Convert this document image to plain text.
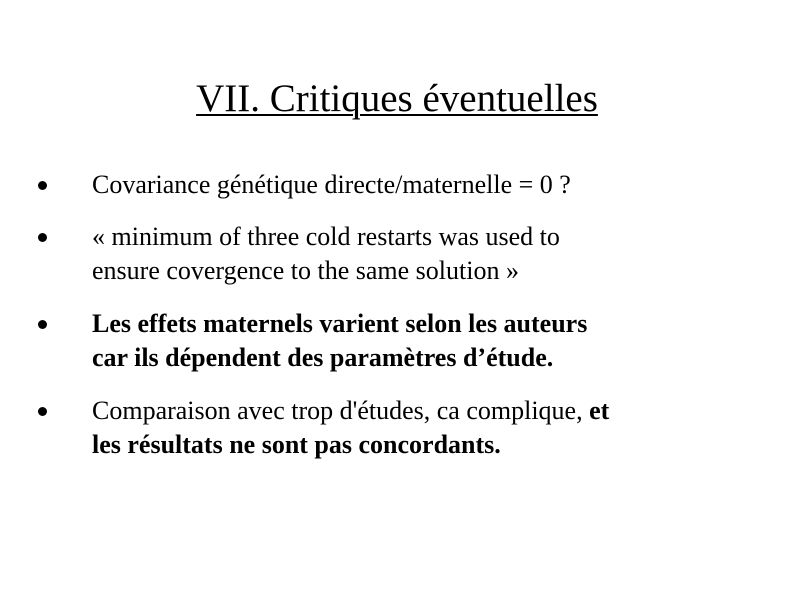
VII. Critiques éventuelles
Covariance génétique directe/maternelle = 0 ?
« minimum of three cold restarts was used to
ensure covergence to the same solution »
Les effets maternels varient selon les auteurs
car ils dépendent des paramètres d’étude.
Comparaison avec trop d'études, ca complique, et
les résultats ne sont pas concordants.
